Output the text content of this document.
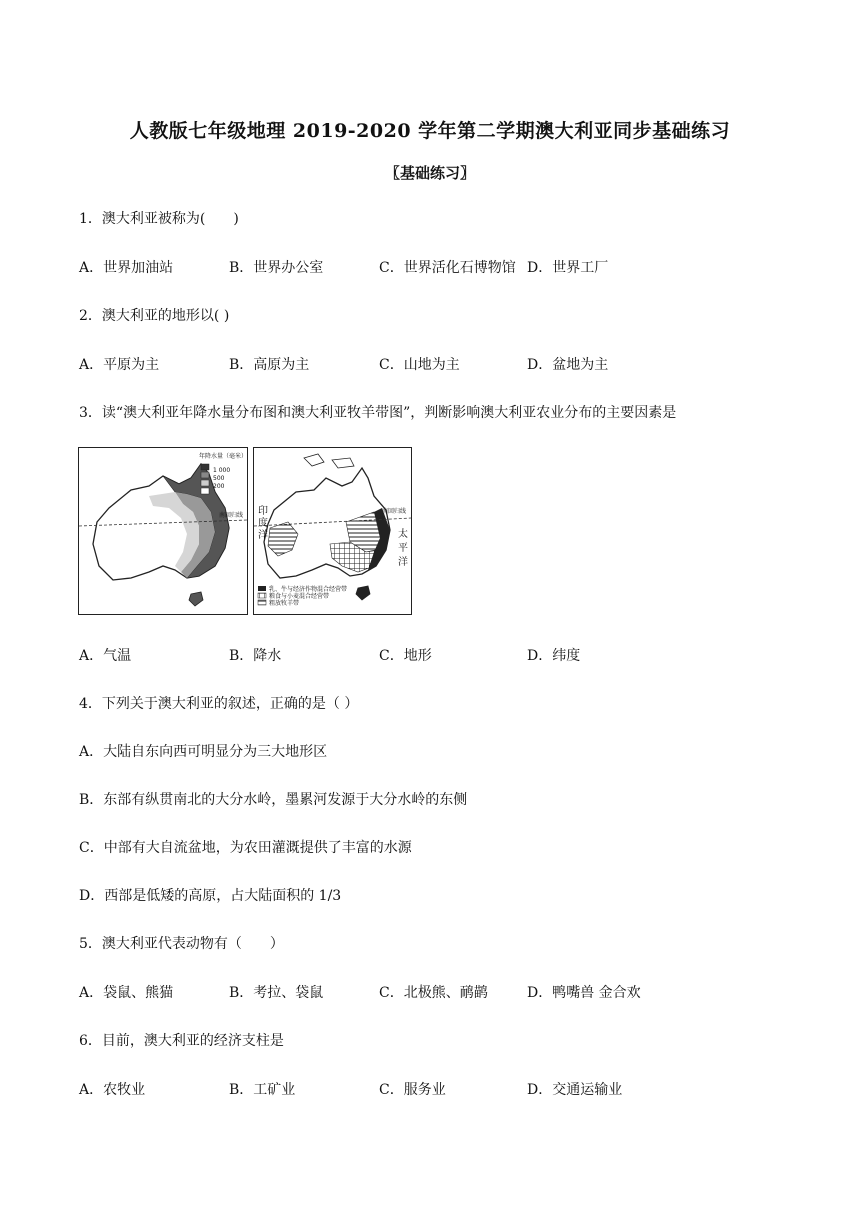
人教版七年级地理 2019-2020 学年第二学期澳大利亚同步基础练习
〖基础练习〗
1．澳大利亚被称为(　　)
A．世界加油站	B．世界办公室	C．世界活化石博物馆 D．世界工厂
2．澳大利亚的地形以( )
A．平原为主	B．高原为主	C．山地为主	D．盆地为主
3．读“澳大利亚年降水量分布图和澳大利亚牧羊带图”，判断影响澳大利亚农业分布的主要因素是
年降水量（毫米）
1 000
500
200
南回归线 印
度
洋	太
平
洋
南回归线
乳、牛与经济作物混合经营带
粮食与小麦混合经营带
粗放牧羊带
A．气温	B．降水	C．地形	D．纬度
4．下列关于澳大利亚的叙述，正确的是（ ）
A．大陆自东向西可明显分为三大地形区
B．东部有纵贯南北的大分水岭，墨累河发源于大分水岭的东侧
C．中部有大自流盆地，为农田灌溉提供了丰富的水源
D．西部是低矮的高原，占大陆面积的 1/3
5．澳大利亚代表动物有（　　）
A．袋鼠、熊猫	B．考拉、袋鼠	C．北极熊、鸸鹋	D．鸭嘴兽 金合欢
6．目前，澳大利亚的经济支柱是
A．农牧业	B．工矿业	C．服务业	D．交通运输业
